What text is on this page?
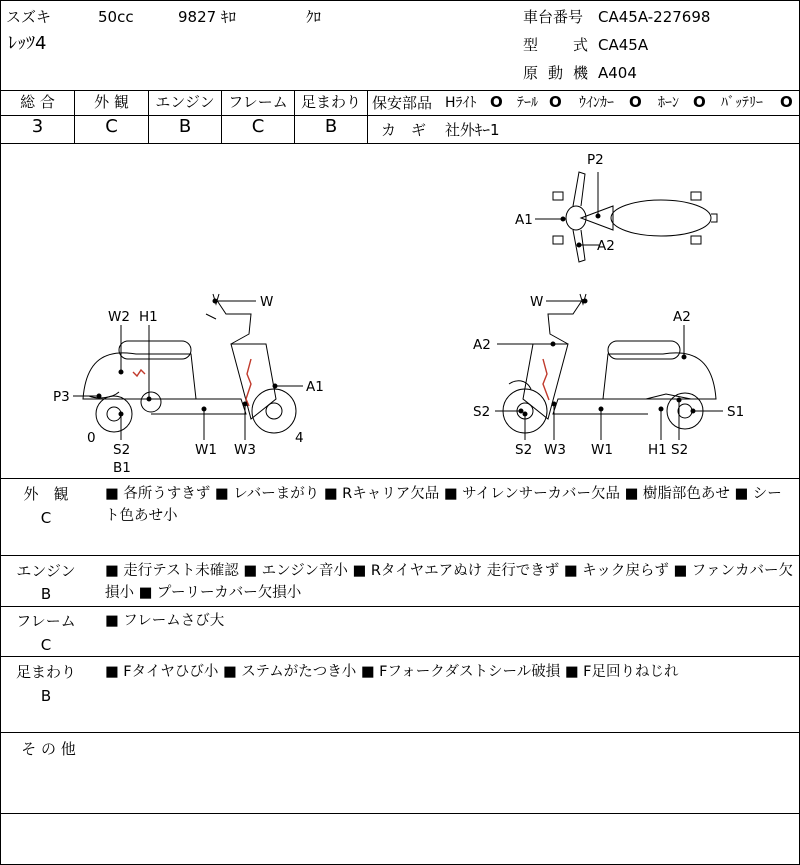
スズキ	50cc	9827 ｷﾛ	ｸﾛ
ﾚｯﾂ4
車台番号 CA45A-227698
型 式 CA45A
原 動 機 A404
総 合	外 観	エンジン フレーム 足まわり
3	C	B	C	B
保安部品 Hﾗｲﾄ O ﾃｰﾙ O ｳｲﾝｶｰ O ﾎｰﾝ O ﾊﾞｯﾃﾘｰ O
カ　ギ 社外ｷｰ1
P2
A1
A2
W
W2 H1
P3
A1
0
S2
B1
W1 W3
4
W
A2
A2
S2	S1
S2 W3 W1	H1 S2
外　観
C
■ 各所うすきず ■ レバーまがり ■ Rキャリア欠品 ■ サイレンサーカバー欠品 ■ 樹脂部色あせ ■ シート色あせ小
エンジン
B
■ 走行テスト未確認 ■ エンジン音小 ■ Rタイヤエアぬけ 走行できず ■ キック戻らず ■ ファンカバー欠損小 ■ プーリーカバー欠損小
フレーム
C
■ フレームさび大
足まわり
B
■ Fタイヤひび小 ■ ステムがたつき小 ■ Fフォークダストシール破損 ■ F足回りねじれ
そ の 他
